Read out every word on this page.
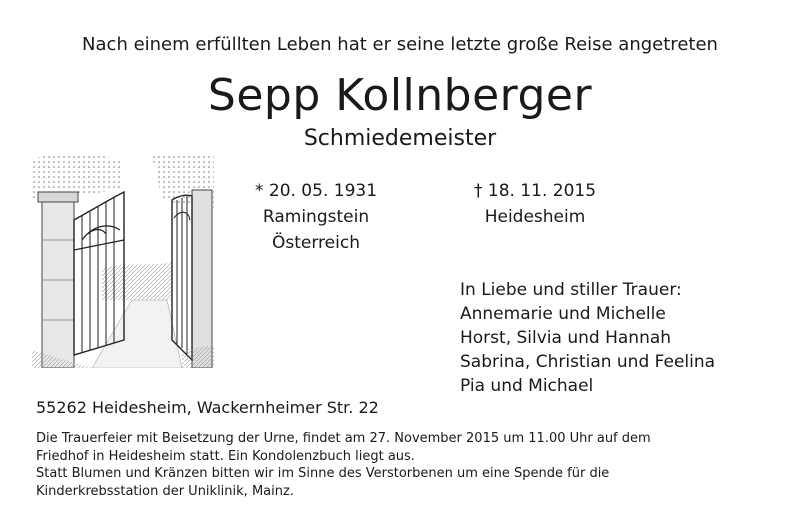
Nach einem erfüllten Leben hat er seine letzte große Reise angetreten
Sepp Kollnberger
Schmiedemeister
* 20. 05. 1931
Ramingstein
Österreich
† 18. 11. 2015
Heidesheim
In Liebe und stiller Trauer:
Annemarie und Michelle
Horst, Silvia und Hannah
Sabrina, Christian und Feelina
Pia und Michael
55262 Heidesheim, Wackernheimer Str. 22
Die Trauerfeier mit Beisetzung der Urne, findet am 27. November 2015 um 11.00 Uhr auf dem
Friedhof in Heidesheim statt. Ein Kondolenzbuch liegt aus.
Statt Blumen und Kränzen bitten wir im Sinne des Verstorbenen um eine Spende für die
Kinderkrebsstation der Uniklinik, Mainz.
